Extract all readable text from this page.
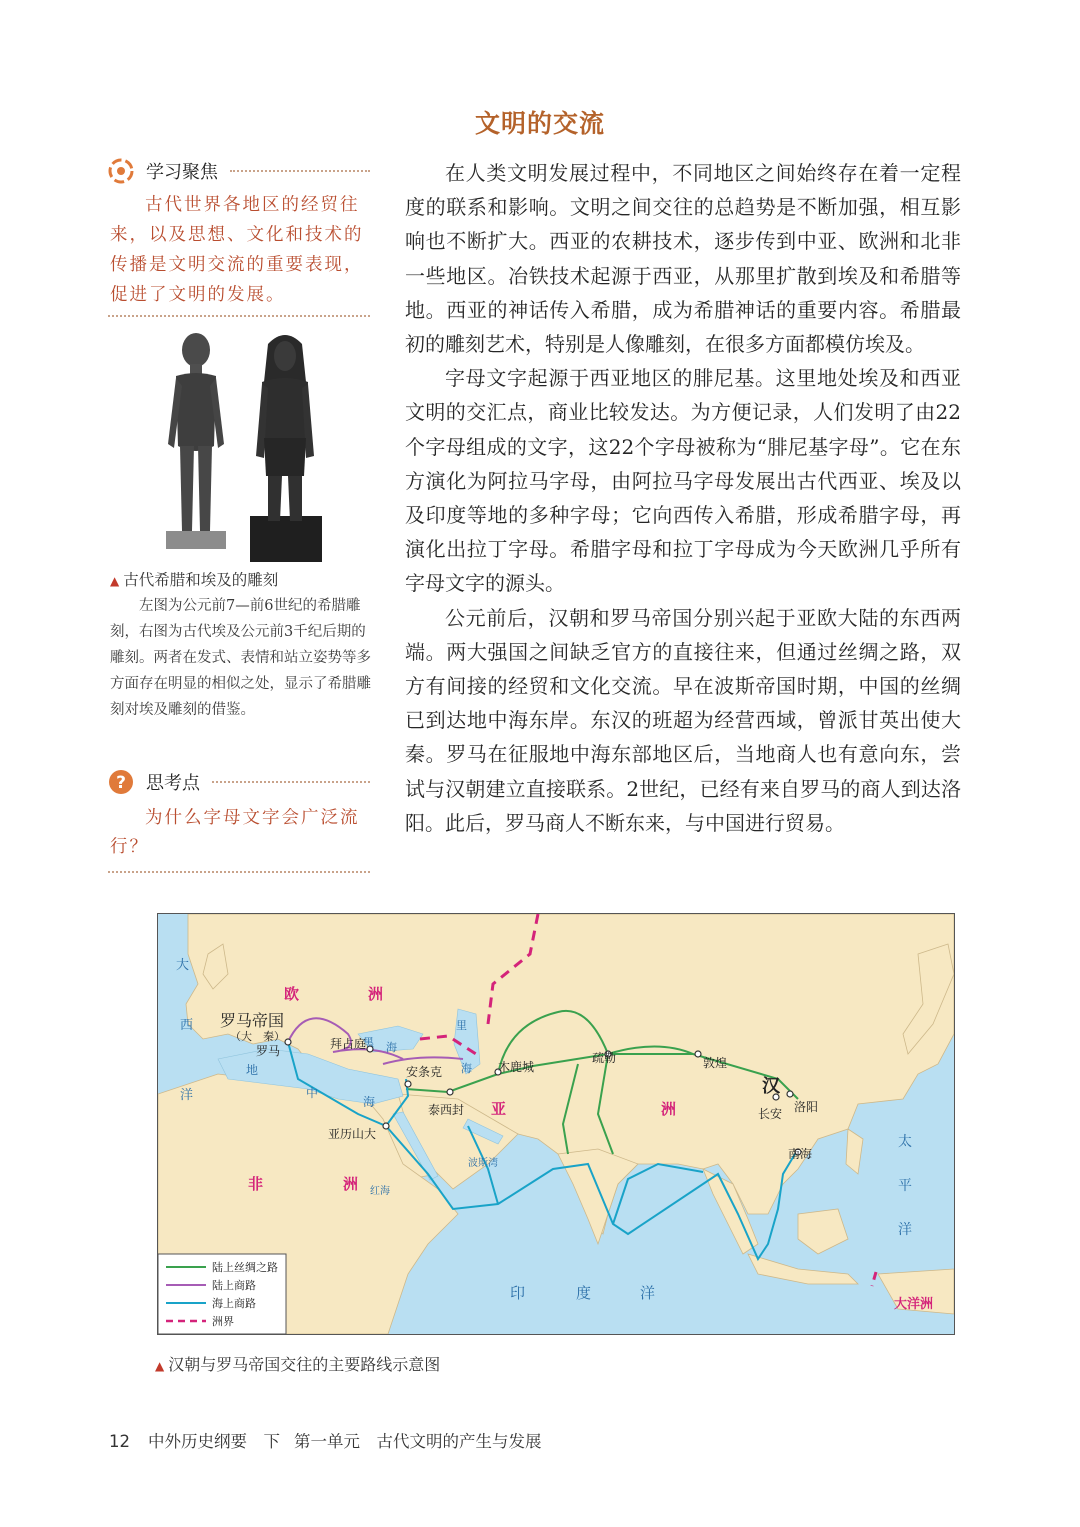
文明的交流
学习聚焦
古代世界各地区的经贸往来，以及思想、文化和技术的传播是文明交流的重要表现，促进了文明的发展。
▲ 古代希腊和埃及的雕刻
左图为公元前7—前6世纪的希腊雕刻，右图为古代埃及公元前3千纪后期的雕刻。两者在发式、表情和站立姿势等多方面存在明显的相似之处，显示了希腊雕刻对埃及雕刻的借鉴。
? 思考点
为什么字母文字会广泛流行？

在人类文明发展过程中，不同地区之间始终存在着一定程度的联系和影响。文明之间交往的总趋势是不断加强，相互影响也不断扩大。西亚的农耕技术，逐步传到中亚、欧洲和北非一些地区。冶铁技术起源于西亚，从那里扩散到埃及和希腊等地。西亚的神话传入希腊，成为希腊神话的重要内容。希腊最初的雕刻艺术，特别是人像雕刻，在很多方面都模仿埃及。

字母文字起源于西亚地区的腓尼基。这里地处埃及和西亚文明的交汇点，商业比较发达。为方便记录，人们发明了由22个字母组成的文字，这22个字母被称为“腓尼基字母”。它在东方演化为阿拉马字母，由阿拉马字母发展出古代西亚、埃及以及印度等地的多种字母；它向西传入希腊，形成希腊字母，再演化出拉丁字母。希腊字母和拉丁字母成为今天欧洲几乎所有字母文字的源头。

公元前后，汉朝和罗马帝国分别兴起于亚欧大陆的东西两端。两大强国之间缺乏官方的直接往来，但通过丝绸之路，双方有间接的经贸和文化交流。早在波斯帝国时期，中国的丝绸已到达地中海东岸。东汉的班超为经营西域，曾派甘英出使大秦。罗马在征服地中海东部地区后，当地商人也有意向东，尝试与汉朝建立直接联系。2世纪，已经有来自罗马的商人到达洛阳。此后，罗马商人不断东来，与中国进行贸易。

大
西
洋
黑 海
地
中
海
里
海
波斯湾
红海
印	度	洋
太
平
洋
欧	洲
亚	洲
非	洲
大洋洲
罗马帝国
（大　秦）
罗马	拜占庭
安条克
泰西封
木鹿城
疏勒	敦煌
汉
长安 洛阳
南海
亚历山大
陆上丝绸之路
陆上商路
海上商路
洲界
▲ 汉朝与罗马帝国交往的主要路线示意图
12 中外历史纲要　下 第一单元　古代文明的产生与发展
